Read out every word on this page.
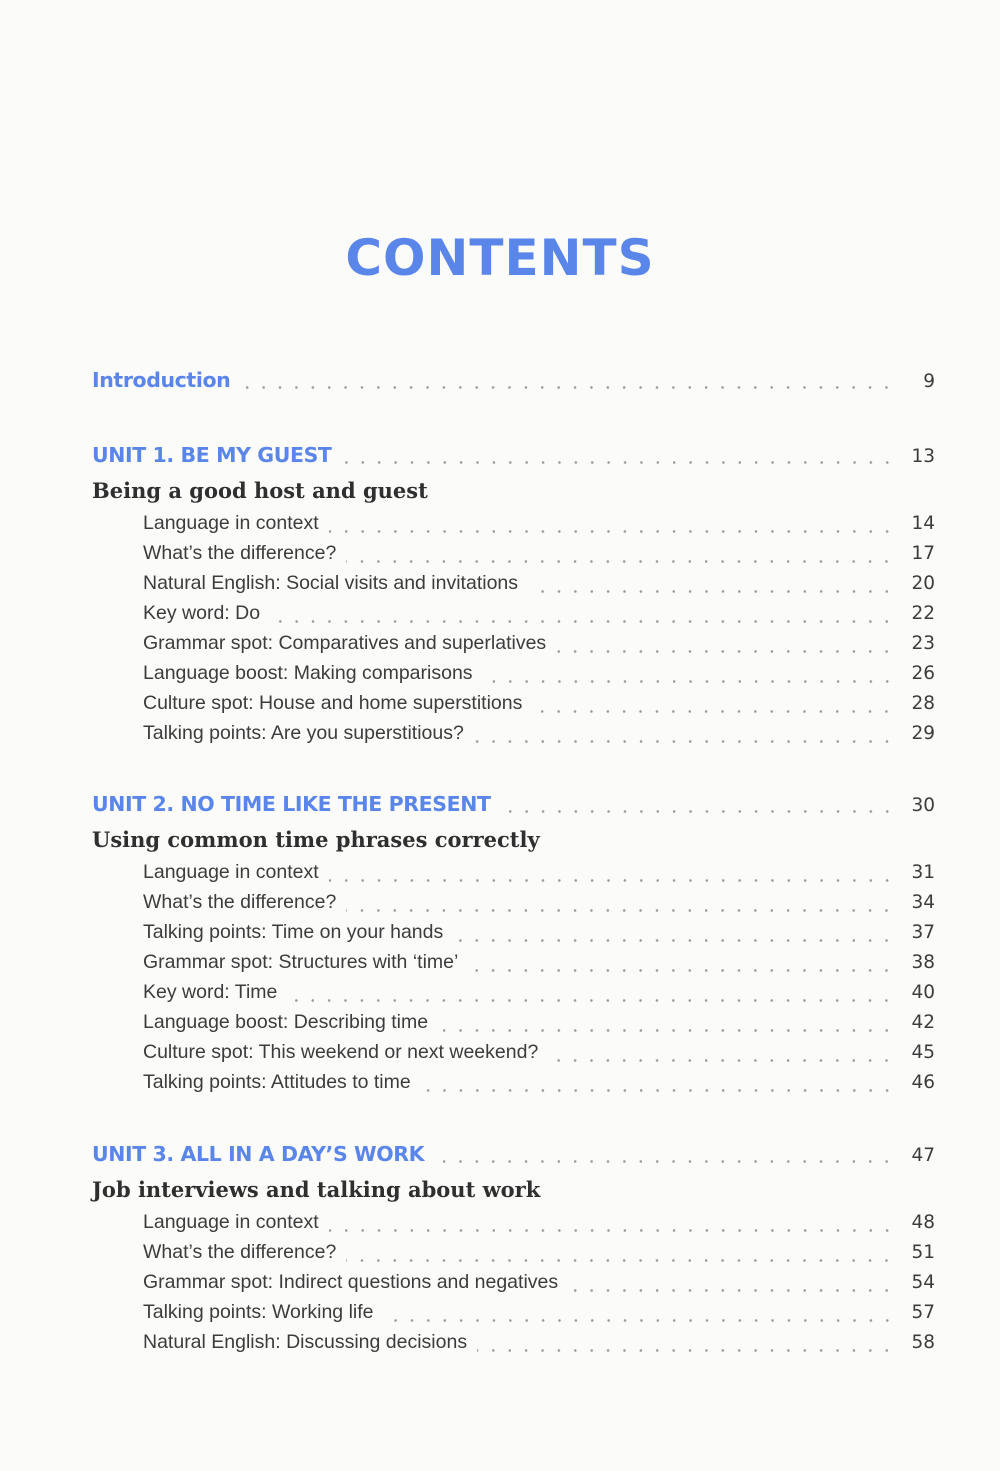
CONTENTS
Introduction	9
UNIT 1. BE MY GUEST	13
Being a good host and guest
Language in context	14
What’s the difference?	17
Natural English: Social visits and invitations	20
Key word: Do	22
Grammar spot: Comparatives and superlatives	23
Language boost: Making comparisons	26
Culture spot: House and home superstitions	28
Talking points: Are you superstitious?	29
UNIT 2. NO TIME LIKE THE PRESENT	30
Using common time phrases correctly
Language in context	31
What’s the difference?	34
Talking points: Time on your hands	37
Grammar spot: Structures with ‘time’	38
Key word: Time	40
Language boost: Describing time	42
Culture spot: This weekend or next weekend?	45
Talking points: Attitudes to time	46
UNIT 3. ALL IN A DAY’S WORK	47
Job interviews and talking about work
Language in context	48
What’s the difference?	51
Grammar spot: Indirect questions and negatives	54
Talking points: Working life	57
Natural English: Discussing decisions	58
